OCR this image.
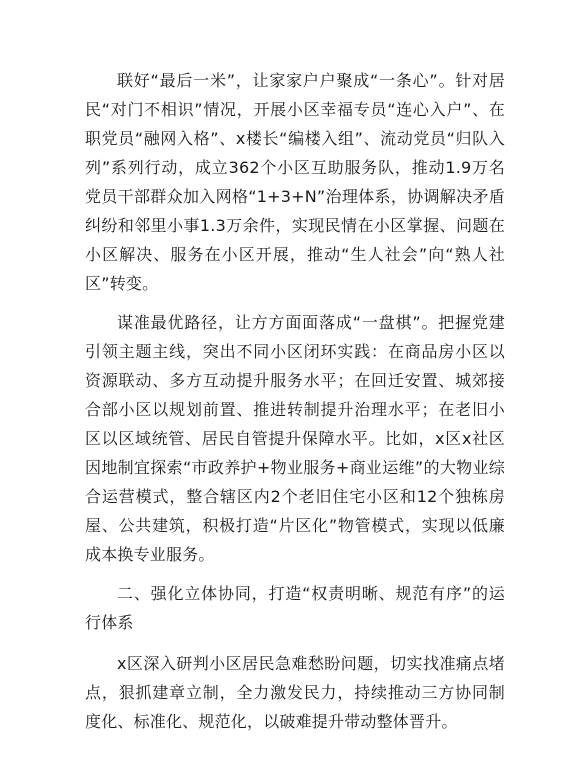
联好“最后一米”，让家家户户聚成“一条心”。针对居民“对门不相识”情况，开展小区幸福专员“连心入户”、在职党员“融网入格”、x楼长“编楼入组”、流动党员“归队入列”系列行动，成立362个小区互助服务队，推动1.9万名党员干部群众加入网格“1+3+N”治理体系，协调解决矛盾纠纷和邻里小事1.3万余件，实现民情在小区掌握、问题在小区解决、服务在小区开展，推动“生人社会”向“熟人社区”转变。

谋准最优路径，让方方面面落成“一盘棋”。把握党建引领主题主线，突出不同小区闭环实践：在商品房小区以资源联动、多方互动提升服务水平；在回迁安置、城郊接合部小区以规划前置、推进转制提升治理水平；在老旧小区以区域统管、居民自管提升保障水平。比如，x区x社区因地制宜探索“市政养护+物业服务+商业运维”的大物业综合运营模式，整合辖区内2个老旧住宅小区和12个独栋房屋、公共建筑，积极打造“片区化”物管模式，实现以低廉成本换专业服务。

二、强化立体协同，打造“权责明晰、规范有序”的运行体系

x区深入研判小区居民急难愁盼问题，切实找准痛点堵点，狠抓建章立制，全力激发民力，持续推动三方协同制度化、标准化、规范化，以破难提升带动整体晋升。
